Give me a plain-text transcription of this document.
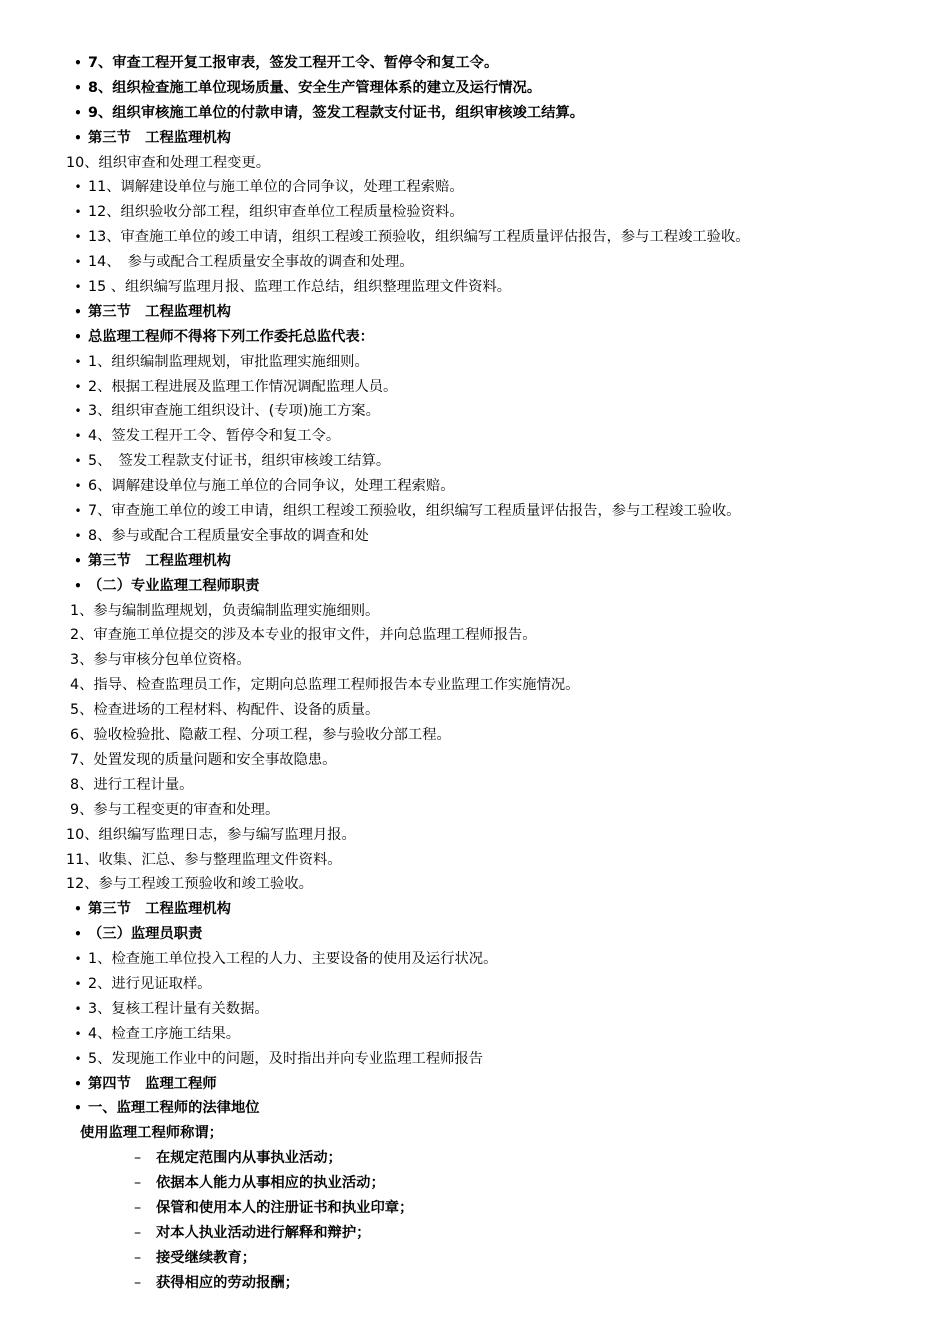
• 7、审查工程开复工报审表，签发工程开工令、暂停令和复工令。
• 8、组织检查施工单位现场质量、安全生产管理体系的建立及运行情况。
• 9、组织审核施工单位的付款申请，签发工程款支付证书，组织审核竣工结算。
• 第三节　工程监理机构
10、组织审查和处理工程变更。
• 11、调解建设单位与施工单位的合同争议，处理工程索赔。
• 12、组织验收分部工程，组织审查单位工程质量检验资料。
• 13、审查施工单位的竣工申请，组织工程竣工预验收，组织编写工程质量评估报告，参与工程竣工验收。
• 14、　参与或配合工程质量安全事故的调查和处理。
• 15 、组织编写监理月报、监理工作总结，组织整理监理文件资料。
• 第三节　工程监理机构
• 总监理工程师不得将下列工作委托总监代表：
• 1、组织编制监理规划，审批监理实施细则。
• 2、根据工程进展及监理工作情况调配监理人员。
• 3、组织审查施工组织设计、(专项)施工方案。
• 4、签发工程开工令、暂停令和复工令。
• 5、　签发工程款支付证书，组织审核竣工结算。
• 6、调解建设单位与施工单位的合同争议，处理工程索赔。
• 7、审查施工单位的竣工申请，组织工程竣工预验收，组织编写工程质量评估报告，参与工程竣工验收。
• 8、参与或配合工程质量安全事故的调查和处
• 第三节　工程监理机构
• （二）专业监理工程师职责
1、参与编制监理规划，负责编制监理实施细则。
2、审查施工单位提交的涉及本专业的报审文件，并向总监理工程师报告。
3、参与审核分包单位资格。
4、指导、检查监理员工作，定期向总监理工程师报告本专业监理工作实施情况。
5、检查进场的工程材料、构配件、设备的质量。
6、验收检验批、隐蔽工程、分项工程，参与验收分部工程。
7、处置发现的质量问题和安全事故隐患。
8、进行工程计量。
9、参与工程变更的审查和处理。
10、组织编写监理日志，参与编写监理月报。
11、收集、汇总、参与整理监理文件资料。
12、参与工程竣工预验收和竣工验收。
• 第三节　工程监理机构
• （三）监理员职责
• 1、检查施工单位投入工程的人力、主要设备的使用及运行状况。
• 2、进行见证取样。
• 3、复核工程计量有关数据。
• 4、检查工序施工结果。
• 5、发现施工作业中的问题，及时指出并向专业监理工程师报告
• 第四节　监理工程师
• 一、监理工程师的法律地位
使用监理工程师称谓；
–	在规定范围内从事执业活动；
–	依据本人能力从事相应的执业活动；
–	保管和使用本人的注册证书和执业印章；
–	对本人执业活动进行解释和辩护；
–	接受继续教育；
–	获得相应的劳动报酬；
